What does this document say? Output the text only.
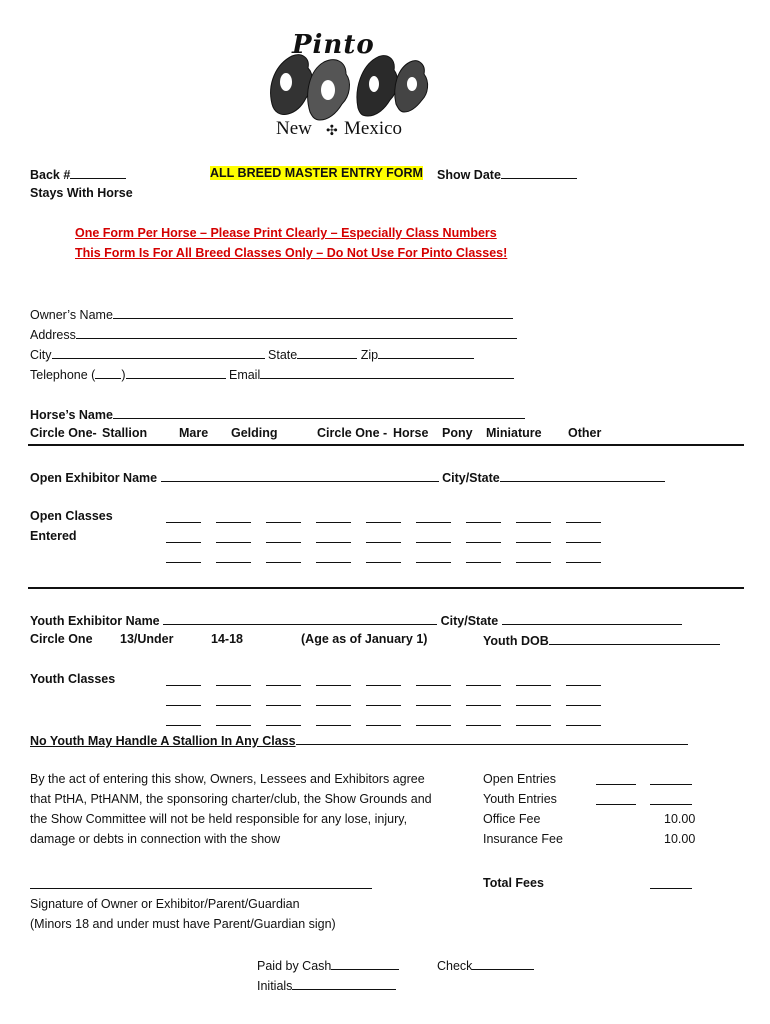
Pinto
New ✣ Mexico
Back #
Stays With Horse
ALL BREED MASTER ENTRY FORM Show Date
One Form Per Horse – Please Print Clearly – Especially Class Numbers
This Form Is For All Breed Classes Only – Do Not Use For Pinto Classes!
Owner’s Name
Address
City	State	Zip
Telephone ( )	Email
Horse’s Name
Circle One- Stallion	Mare Gelding	Circle One - Horse Pony Miniature Other
Open Exhibitor Name	City/State
Open Classes
Entered
Youth Exhibitor Name	City/State
Circle One 13/Under	14-18	(Age as of January 1)	Youth DOB
Youth Classes
No Youth May Handle A Stallion In Any Class
By the act of entering this show, Owners, Lessees and Exhibitors agree
that PtHA, PtHANM, the sponsoring charter/club, the Show Grounds and
the Show Committee will not be held responsible for any lose, injury,
damage or debts in connection with the show
Open Entries
Youth Entries
Office Fee	10.00
Insurance Fee	10.00
Total Fees
Signature of Owner or Exhibitor/Parent/Guardian
(Minors 18 and under must have Parent/Guardian sign)
Paid by Cash	Check
Initials
